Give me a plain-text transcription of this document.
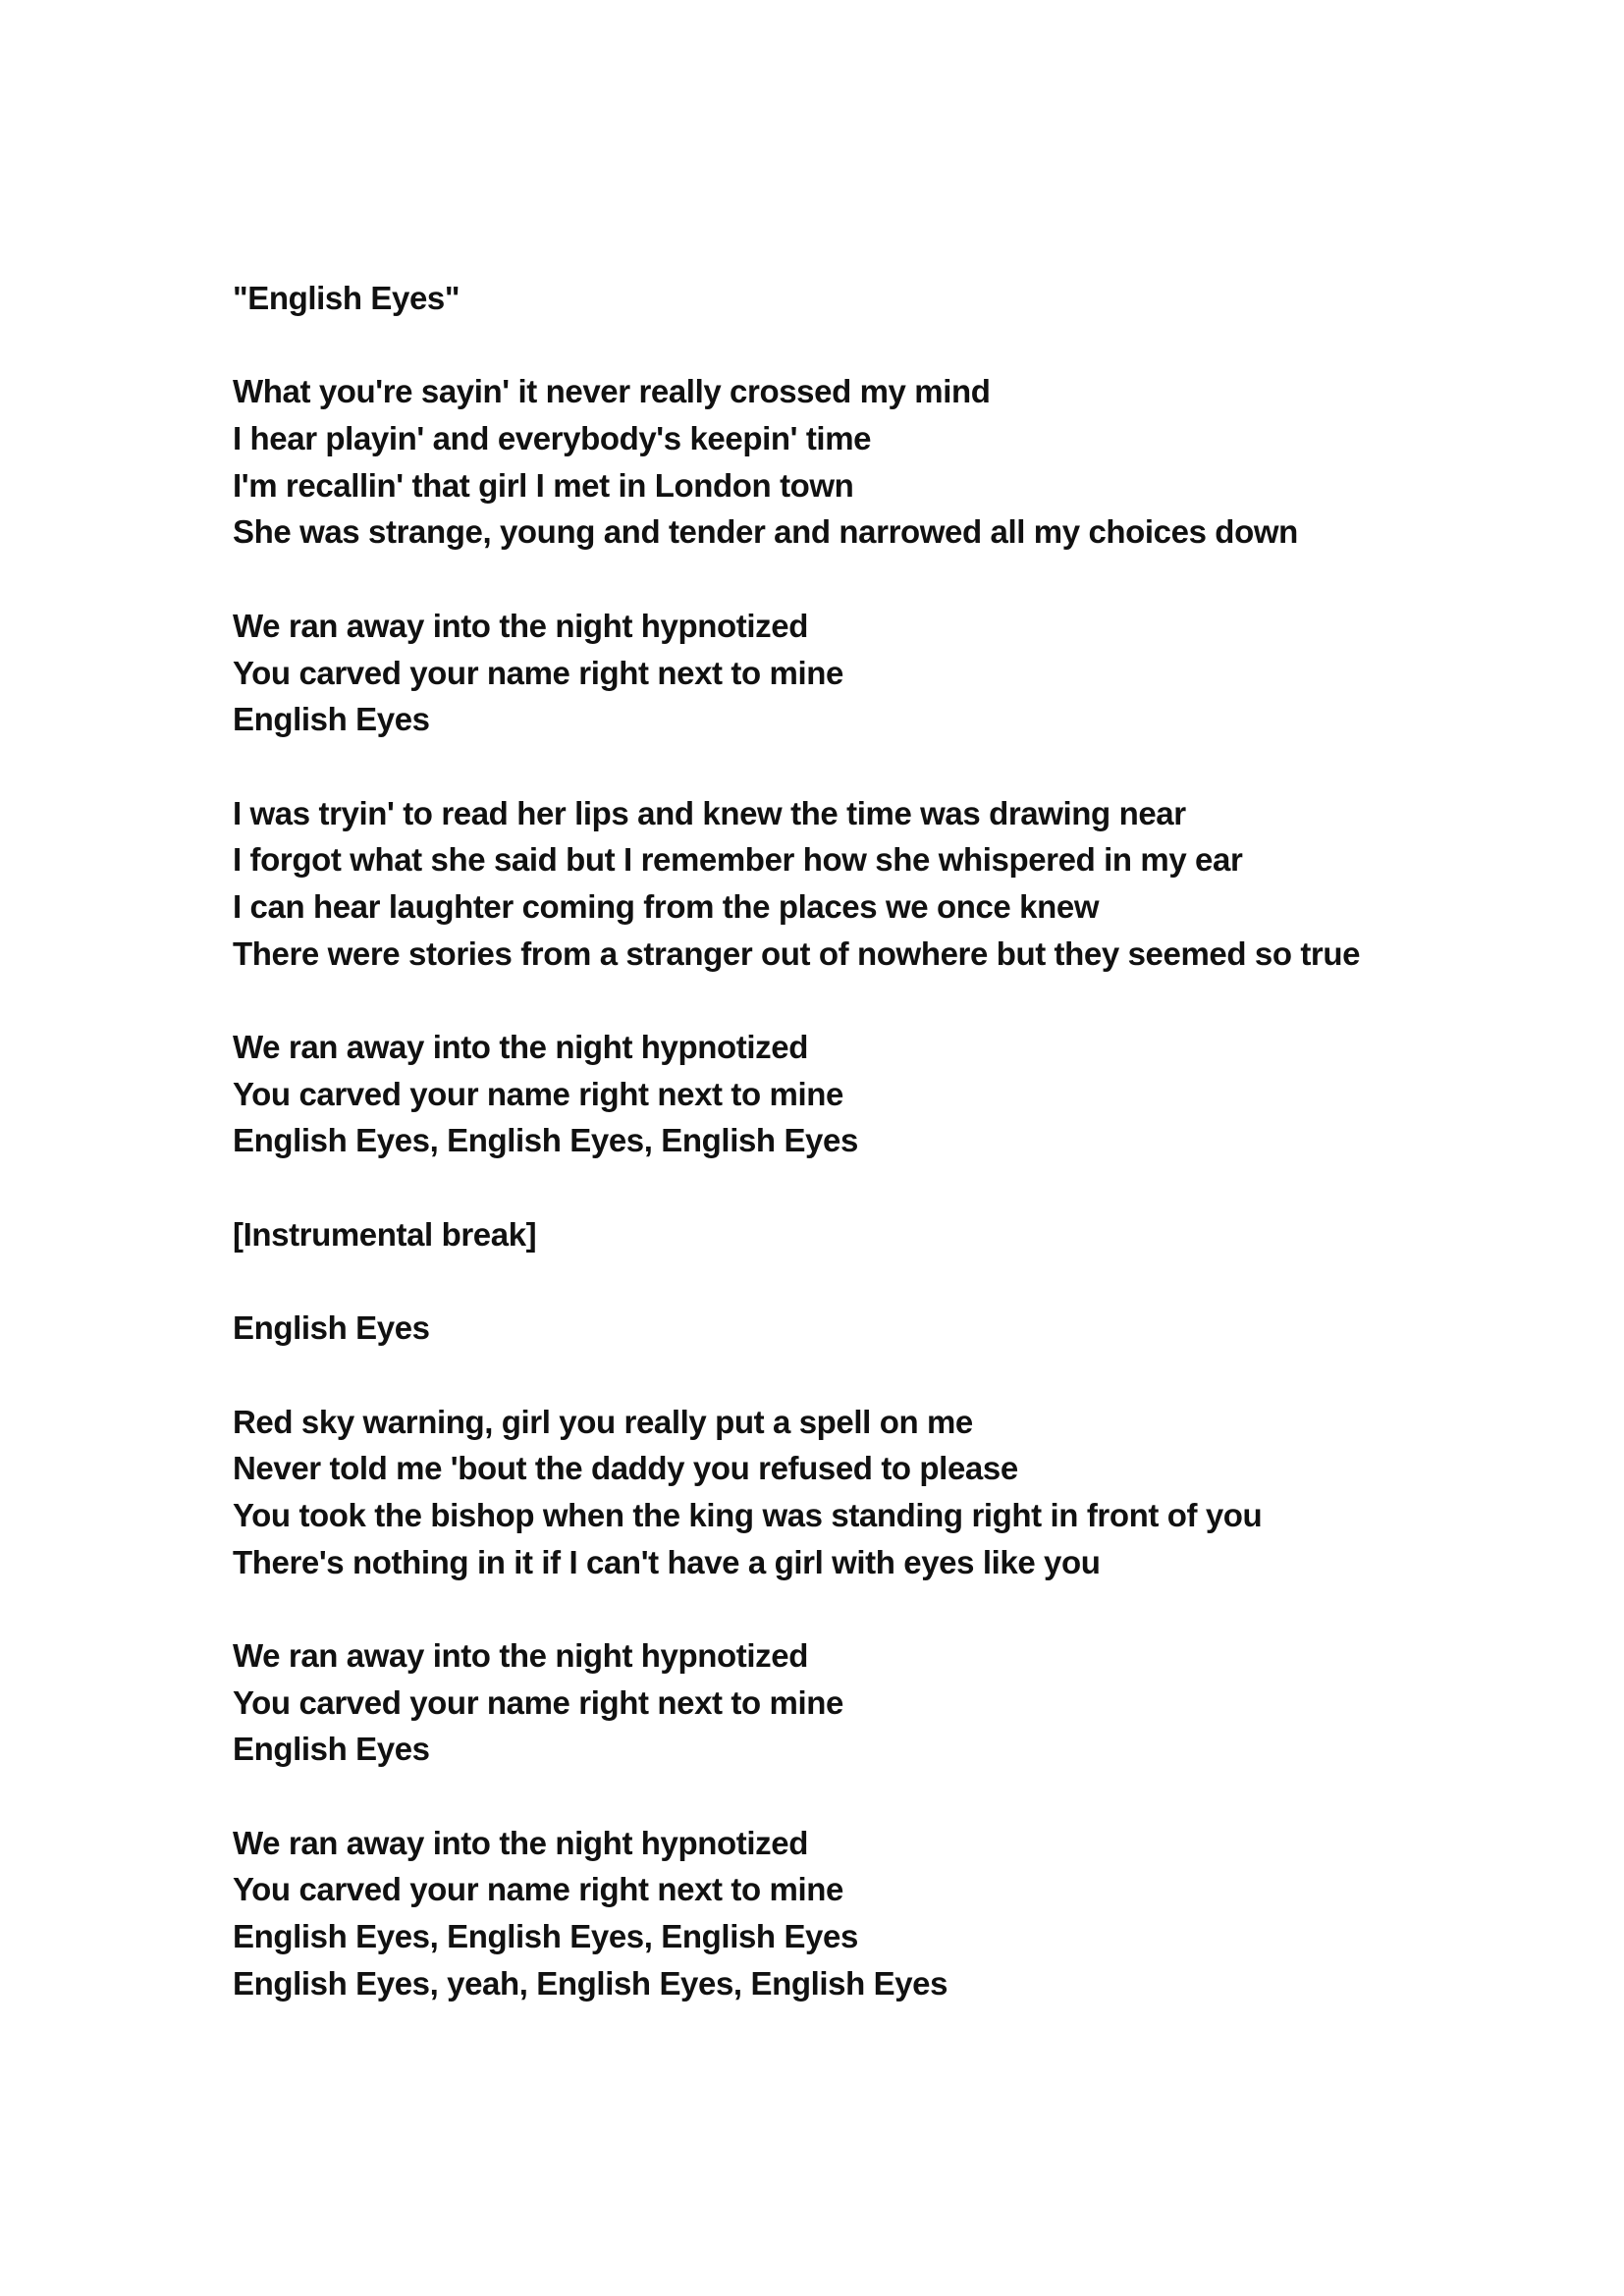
"English Eyes"
What you're sayin' it never really crossed my mind
I hear playin' and everybody's keepin' time
I'm recallin' that girl I met in London town
She was strange, young and tender and narrowed all my choices down
We ran away into the night hypnotized
You carved your name right next to mine
English Eyes
I was tryin' to read her lips and knew the time was drawing near
I forgot what she said but I remember how she whispered in my ear
I can hear laughter coming from the places we once knew
There were stories from a stranger out of nowhere but they seemed so true
We ran away into the night hypnotized
You carved your name right next to mine
English Eyes, English Eyes, English Eyes
[Instrumental break]
English Eyes
Red sky warning, girl you really put a spell on me
Never told me 'bout the daddy you refused to please
You took the bishop when the king was standing right in front of you
There's nothing in it if I can't have a girl with eyes like you
We ran away into the night hypnotized
You carved your name right next to mine
English Eyes
We ran away into the night hypnotized
You carved your name right next to mine
English Eyes, English Eyes, English Eyes
English Eyes, yeah, English Eyes, English Eyes
